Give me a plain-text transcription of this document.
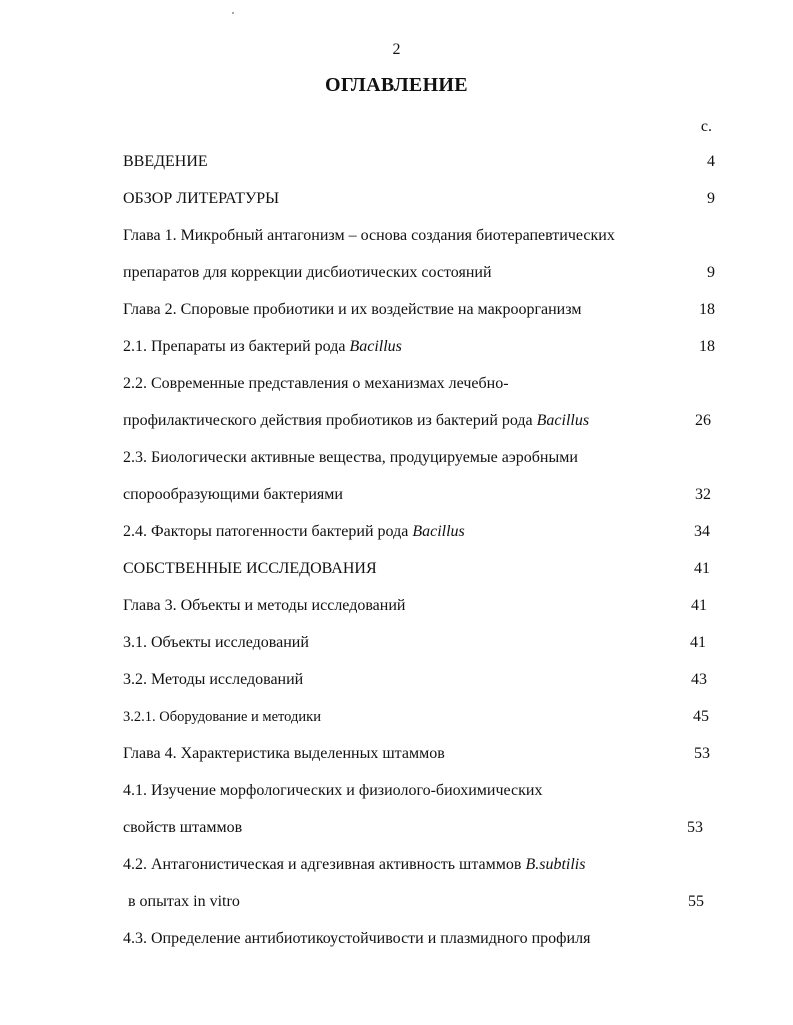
2
ОГЛАВЛЕНИЕ
с.
ВВЕДЕНИЕ	4
ОБЗОР ЛИТЕРАТУРЫ	9
Глава 1. Микробный антагонизм – основа создания биотерапевтических
препаратов для коррекции дисбиотических состояний	9
Глава 2. Споровые пробиотики и их воздействие на макроорганизм	18
2.1. Препараты из бактерий рода Bacillus	18
2.2. Современные представления о механизмах лечебно-
профилактического действия пробиотиков из бактерий рода Bacillus	26
2.3. Биологически активные вещества, продуцируемые аэробными
спорообразующими бактериями	32
2.4. Факторы патогенности бактерий рода Bacillus	34
СОБСТВЕННЫЕ ИССЛЕДОВАНИЯ	41
Глава 3. Объекты и методы исследований	41
3.1. Объекты исследований	41
3.2. Методы исследований	43
3.2.1. Оборудование и методики	45
Глава 4. Характеристика выделенных штаммов	53
4.1. Изучение морфологических и физиолого-биохимических
свойств штаммов	53
4.2. Антагонистическая и адгезивная активность штаммов B.subtilis
в опытах in vitro	55
4.3. Определение антибиотикоустойчивости и плазмидного профиля
